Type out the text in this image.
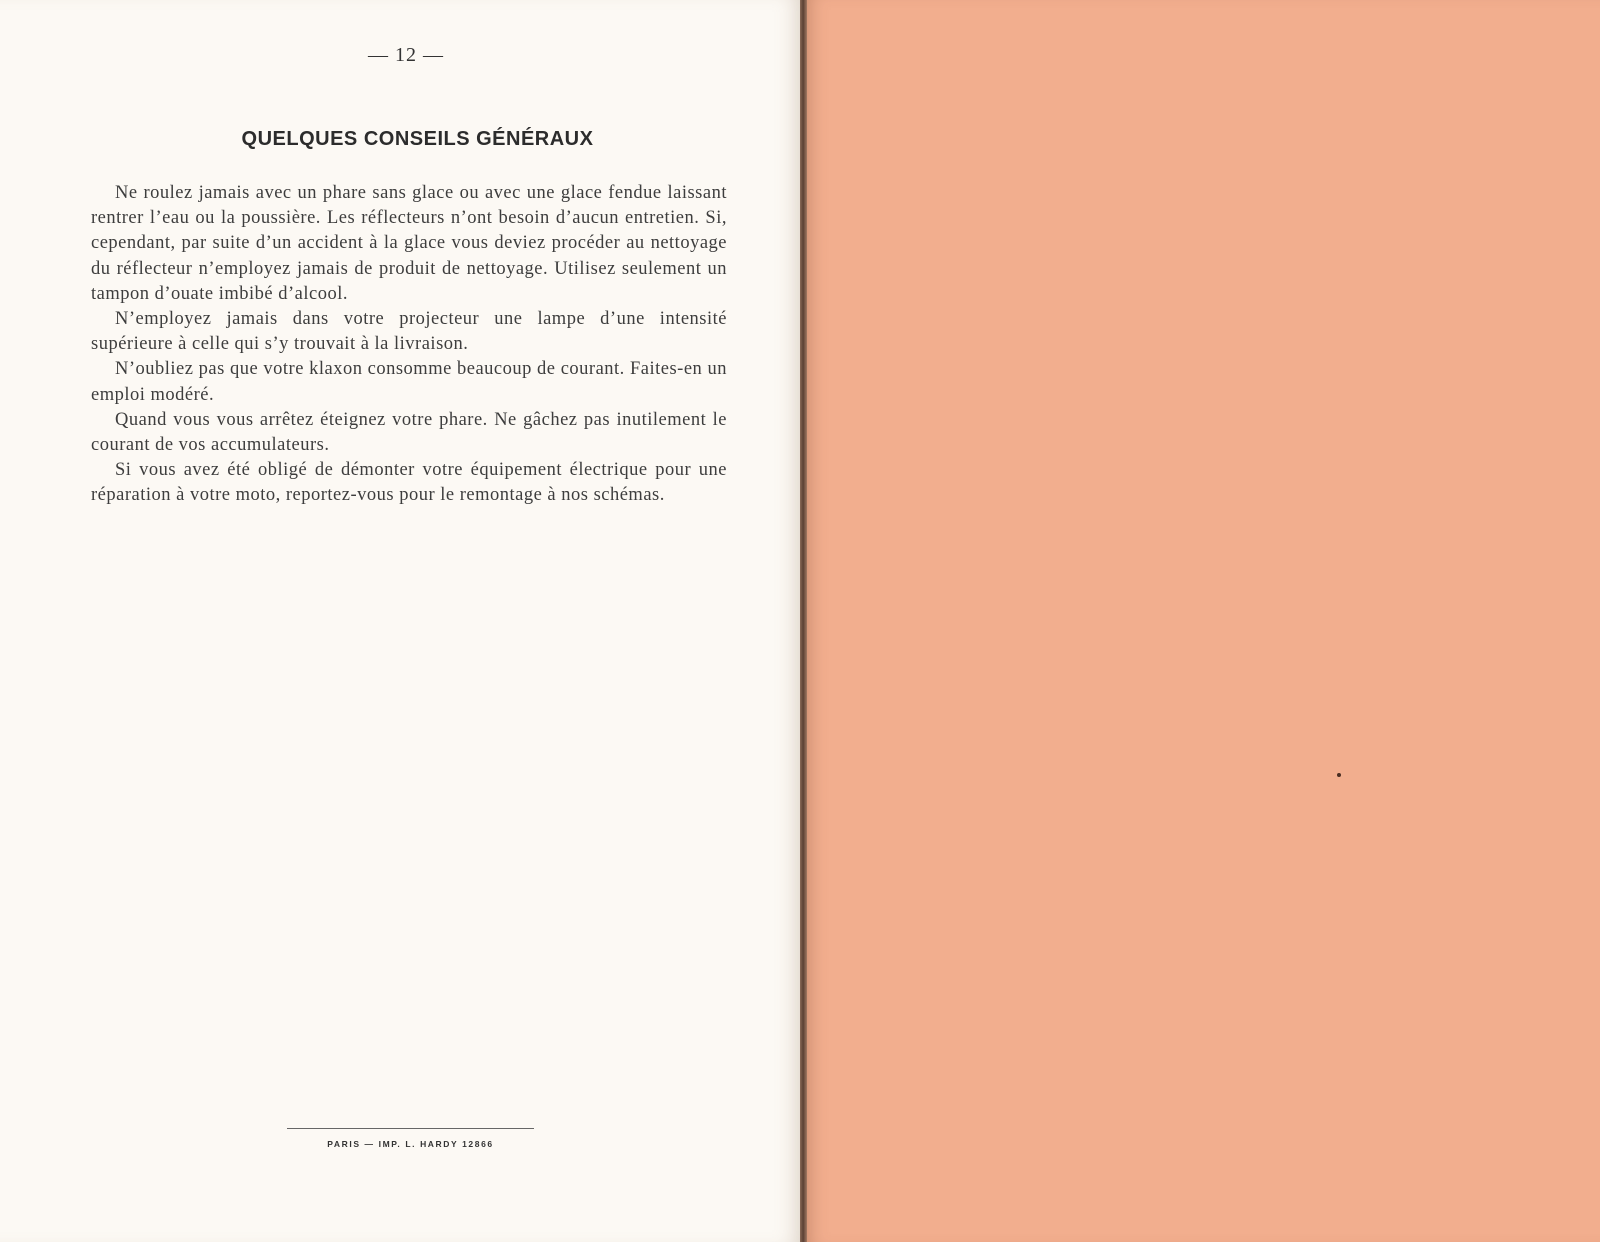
— 12 —
QUELQUES CONSEILS GÉNÉRAUX

Ne roulez jamais avec un phare sans glace ou avec une glace fendue laissant rentrer l’eau ou la poussière. Les réflecteurs n’ont besoin d’aucun entretien. Si, cependant, par suite d’un accident à la glace vous deviez procéder au nettoyage du réflecteur n’employez jamais de produit de nettoyage. Utilisez seulement un tampon d’ouate imbibé d’alcool.

N’employez jamais dans votre projecteur une lampe d’une intensité supérieure à celle qui s’y trouvait à la livraison.

N’oubliez pas que votre klaxon consomme beaucoup de courant. Faites-en un emploi modéré.

Quand vous vous arrêtez éteignez votre phare. Ne gâchez pas inutilement le courant de vos accumulateurs.

Si vous avez été obligé de démonter votre équipement électrique pour une réparation à votre moto, reportez-vous pour le remontage à nos schémas.

PARIS — IMP. L. HARDY 12866
